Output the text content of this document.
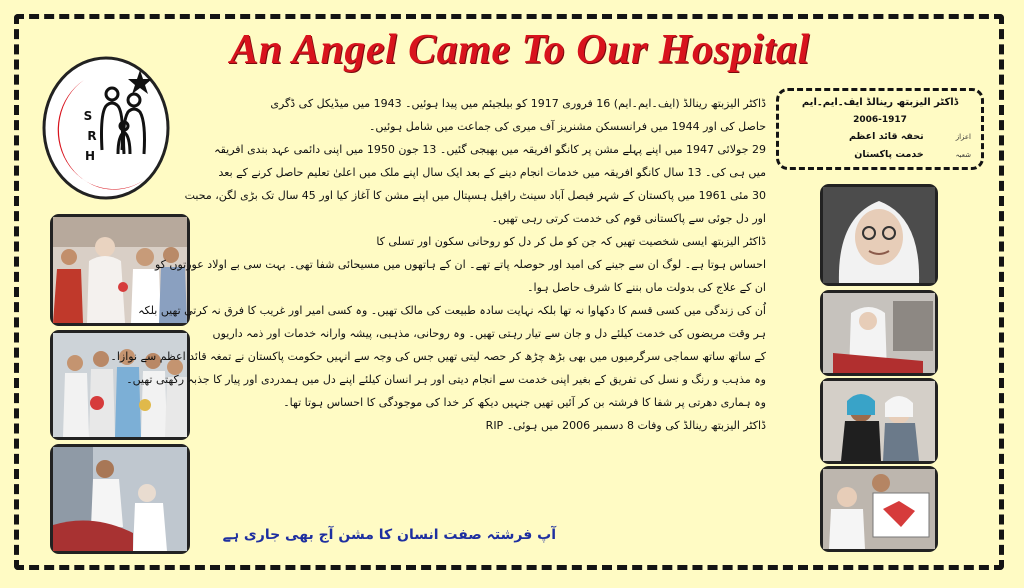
An Angel Came To Our Hospital
S
R
H
ڈاکٹر الیزبتھ رینالڈ ایف۔ایم۔ایم
2006-1917
اعزاز تحفہ قائد اعظم
شعبہ خدمت پاکستان
ڈاکٹر الیزبتھ رینالڈ (ایف۔ایم۔ایم) 16 فروری 1917 کو بیلجیئم میں پیدا ہوئیں۔ 1943 میں میڈیکل کی ڈگری
حاصل کی اور 1944 میں فرانسسکن مشنریز آف میری کی جماعت میں شامل ہوئیں۔
29 جولائی 1947 میں اپنے پہلے مشن پر کانگو افریقہ میں بھیجی گئیں۔ 13 جون 1950 میں اپنی دائمی عہد بندی افریقہ
میں ہی کی۔ 13 سال کانگو افریقہ میں خدمات انجام دینے کے بعد ایک سال اپنے ملک میں اعلیٰ تعلیم حاصل کرنے کے بعد
30 مئی 1961 میں پاکستان کے شہر فیصل آباد سینٹ رافیل ہسپتال میں اپنے مشن کا آغاز کیا اور 45 سال تک بڑی لگن، محبت
اور دل جوئی سے پاکستانی قوم کی خدمت کرتی رہی تھیں۔
ڈاکٹر الیزبتھ ایسی شخصیت تھیں کہ جن کو مل کر دل کو روحانی سکون اور تسلی کا
احساس ہوتا ہے۔ لوگ ان سے جینے کی امید اور حوصلہ پاتے تھے۔ ان کے ہاتھوں میں مسیحائی شفا تھی۔ بہت سی بے اولاد عورتوں کو
ان کے علاج کی بدولت ماں بننے کا شرف حاصل ہوا۔
اُن کی زندگی میں کسی قسم کا دکھاوا نہ تھا بلکہ نہایت سادہ طبیعت کی مالک تھیں۔ وہ کسی امیر اور غریب کا فرق نہ کرتی تھیں بلکہ
ہر وقت مریضوں کی خدمت کیلئے دل و جان سے تیار رہتی تھیں۔ وہ روحانی، مذہبی، پیشہ وارانہ خدمات اور ذمہ داریوں
کے ساتھ ساتھ سماجی سرگرمیوں میں بھی بڑھ چڑھ کر حصہ لیتی تھیں جس کی وجہ سے انہیں حکومت پاکستان نے تمغہ قائد اعظم سے نوازا۔
وہ مذہب و رنگ و نسل کی تفریق کے بغیر اپنی خدمت سے انجام دیتی اور ہر انسان کیلئے اپنے دل میں ہمدردی اور پیار کا جذبہ رکھتی تھیں۔
وہ ہماری دھرتی پر شفا کا فرشتہ بن کر آئیں تھیں جنہیں دیکھ کر خدا کی موجودگی کا احساس ہوتا تھا۔
ڈاکٹر الیزبتھ رینالڈ کی وفات 8 دسمبر 2006 میں ہوئی۔ RIP
آپ فرشتہ صفت انسان کا مشن آج بھی جاری ہے
